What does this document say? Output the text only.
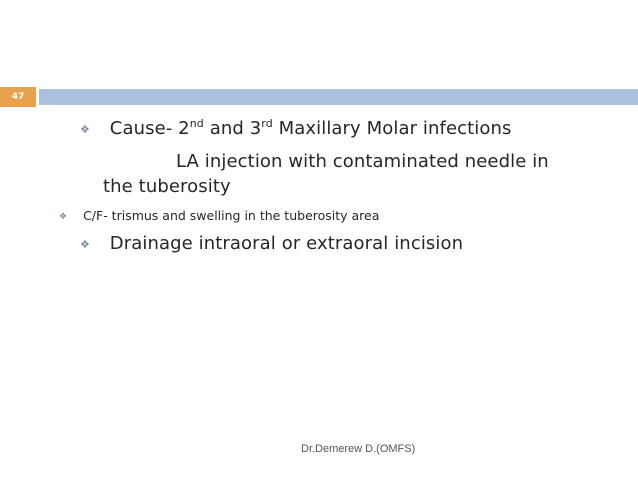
47
❖ Cause- 2nd and 3rd Maxillary Molar infections
LA injection with contaminated needle in
the tuberosity
❖ C/F- trismus and swelling in the tuberosity area
❖ Drainage intraoral or extraoral incision
Dr.Demerew D.(OMFS)
